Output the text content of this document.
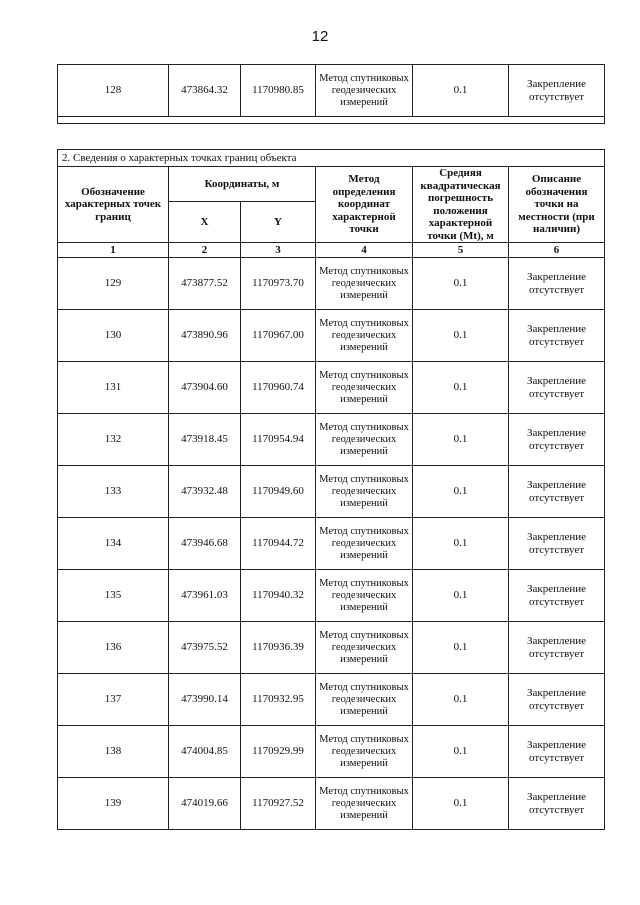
12
128	473864.32	1170980.85	Метод спутниковых геодезических измерений	0.1	Закрепление отсутствует

2. Сведения о характерных точках границ объекта					
Обозначение характерных точек границ	Координаты, м		Метод определения координат характерной точки	Средняя квадратическая погрешность положения характерной точки (Mt), м	Описание обозначения точки на местности (при наличии)
	X	Y			
1	2	3	4	5	6
129	473877.52	1170973.70	Метод спутниковых геодезических измерений	0.1	Закрепление отсутствует
130	473890.96	1170967.00	Метод спутниковых геодезических измерений	0.1	Закрепление отсутствует
131	473904.60	1170960.74	Метод спутниковых геодезических измерений	0.1	Закрепление отсутствует
132	473918.45	1170954.94	Метод спутниковых геодезических измерений	0.1	Закрепление отсутствует
133	473932.48	1170949.60	Метод спутниковых геодезических измерений	0.1	Закрепление отсутствует
134	473946.68	1170944.72	Метод спутниковых геодезических измерений	0.1	Закрепление отсутствует
135	473961.03	1170940.32	Метод спутниковых геодезических измерений	0.1	Закрепление отсутствует
136	473975.52	1170936.39	Метод спутниковых геодезических измерений	0.1	Закрепление отсутствует
137	473990.14	1170932.95	Метод спутниковых геодезических измерений	0.1	Закрепление отсутствует
138	474004.85	1170929.99	Метод спутниковых геодезических измерений	0.1	Закрепление отсутствует
139	474019.66	1170927.52	Метод спутниковых геодезических измерений	0.1	Закрепление отсутствует
